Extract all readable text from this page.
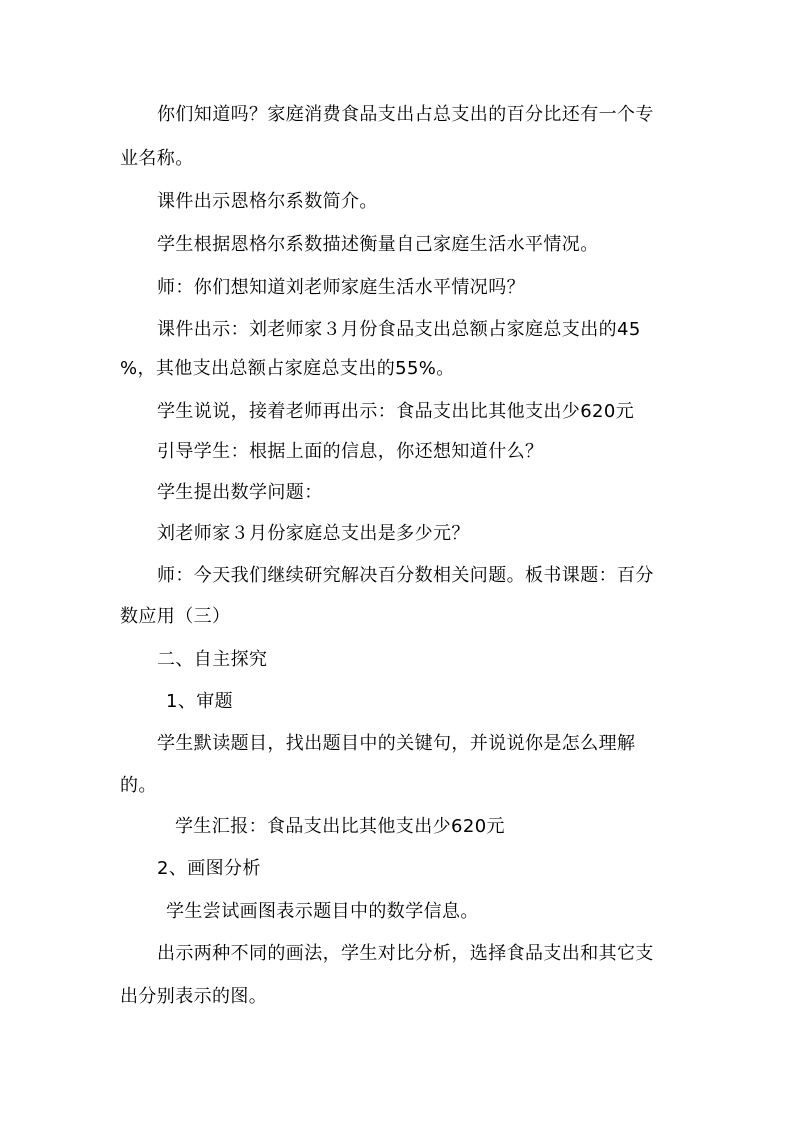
你们知道吗？家庭消费食品支出占总支出的百分比还有一个专
业名称。
课件出示恩格尔系数简介。
学生根据恩格尔系数描述衡量自己家庭生活水平情况。
师：你们想知道刘老师家庭生活水平情况吗？
课件出示：刘老师家３月份食品支出总额占家庭总支出的45
%，其他支出总额占家庭总支出的55%。
学生说说，接着老师再出示：食品支出比其他支出少620元
引导学生：根据上面的信息，你还想知道什么？
学生提出数学问题：
刘老师家３月份家庭总支出是多少元？
师：今天我们继续研究解决百分数相关问题。板书课题：百分
数应用（三）
二、自主探究
1、审题
学生默读题目，找出题目中的关键句，并说说你是怎么理解
的。
学生汇报：食品支出比其他支出少620元
2、画图分析
学生尝试画图表示题目中的数学信息。
出示两种不同的画法，学生对比分析，选择食品支出和其它支
出分别表示的图。
